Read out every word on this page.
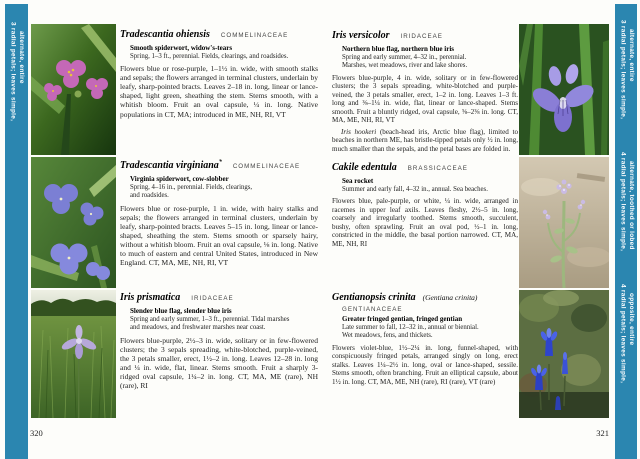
3 radial petals; leaves simple, alternate, entire	Tradescantia ohiensis COMMELINACEAE
Smooth spiderwort, widow's-tears
Spring, 1–3 ft., perennial. Fields, clearings, and roadsides.
Flowers blue or rose-purple, 1–1½ in. wide, with smooth stalks and sepals; the flowers arranged in terminal clusters, underlain by leafy, sharp-pointed bracts. Leaves 2–18 in. long, linear or lance-shaped, light green, sheathing the stem. Stems smooth, with a whitish bloom. Fruit an oval capsule, ¼ in. long. Native populations in CT, MA; introduced in ME, NH, RI, VT
Tradescantia virginiana* COMMELINACEAE
Virginia spiderwort, cow-slobber
Spring, 4–16 in., perennial. Fields, clearings, and roadsides.
Flowers blue or rose-purple, 1 in. wide, with hairy stalks and sepals; the flowers arranged in terminal clusters, underlain by leafy, sharp-pointed bracts. Leaves 5–15 in. long, linear or lance-shaped, sheathing the stem. Stems smooth or sparsely hairy, without a whitish bloom. Fruit an oval capsule, ⅛ in. long. Native to much of eastern and central United States, introduced in New England. CT, MA, ME, NH, RI, VT
Iris prismatica IRIDACEAE
Slender blue flag, slender blue iris
Spring and early summer, 1–3 ft., perennial. Tidal marshes and meadows, and freshwater marshes near coast.
Flowers blue-purple, 2½–3 in. wide, solitary or in few-flowered clusters; the 3 sepals spreading, white-blotched, purple-veined, the 3 petals smaller, erect, 1½–2 in. long. Leaves 12–28 in. long and ¼ in. wide, flat, linear. Stems smooth. Fruit a sharply 3-ridged oval capsule, 1¼–2 in. long. CT, MA, ME (rare), NH (rare), RI
320
Iris versicolor IRIDACEAE
Northern blue flag, northern blue iris
Spring and early summer, 4–32 in., perennial. Marshes, wet meadows, river and lake shores.
Flowers blue-purple, 4 in. wide, solitary or in few-flowered clusters; the 3 sepals spreading, white-blotched and purple-veined, the 3 petals smaller, erect, 1–2 in. long. Leaves 1–3 ft. long and ⅜–1¼ in. wide, flat, linear or lance-shaped. Stems smooth. Fruit a bluntly ridged, oval capsule, ⅝–2⅜ in. long. CT, MA, ME, NH, RI, VT
Iris hookeri (beach-head iris, Arctic blue flag), limited to beaches in northern ME, has bristle-tipped petals only ½ in. long, much smaller than the sepals, and the petal bases are folded in.
Cakile edentula BRASSICACEAE
Sea rocket
Summer and early fall, 4–32 in., annual. Sea beaches.
Flowers blue, pale-purple, or white, ¼ in. wide, arranged in racemes in upper leaf axils. Leaves fleshy, 2½–5 in. long, coarsely and irregularly toothed. Stems smooth, succulent, bushy, often sprawling. Fruit an oval pod, ½–1 in. long, constricted in the middle, the basal portion narrowed. CT, MA, ME, NH, RI
Gentianopsis crinita (Gentiana crinita)
GENTIANACEAE
Greater fringed gentian, fringed gentian
Late summer to fall, 12–32 in., annual or biennial. Wet meadows, fens, and thickets.
Flowers violet-blue, 1½–2¼ in. long, funnel-shaped, with conspicuously fringed petals, arranged singly on long, erect stalks. Leaves 1¼–2½ in. long, oval or lance-shaped, sessile. Stems smooth, often branching. Fruit an elliptical capsule, about 1½ in. long. CT, MA, ME, NH (rare), RI (rare), VT (rare)
321
3 radial petals; leaves simple, alternate, entire
4 radial petals; leaves simple, alternate, toothed or lobed
4 radial petals; leaves simple, opposite, entire
